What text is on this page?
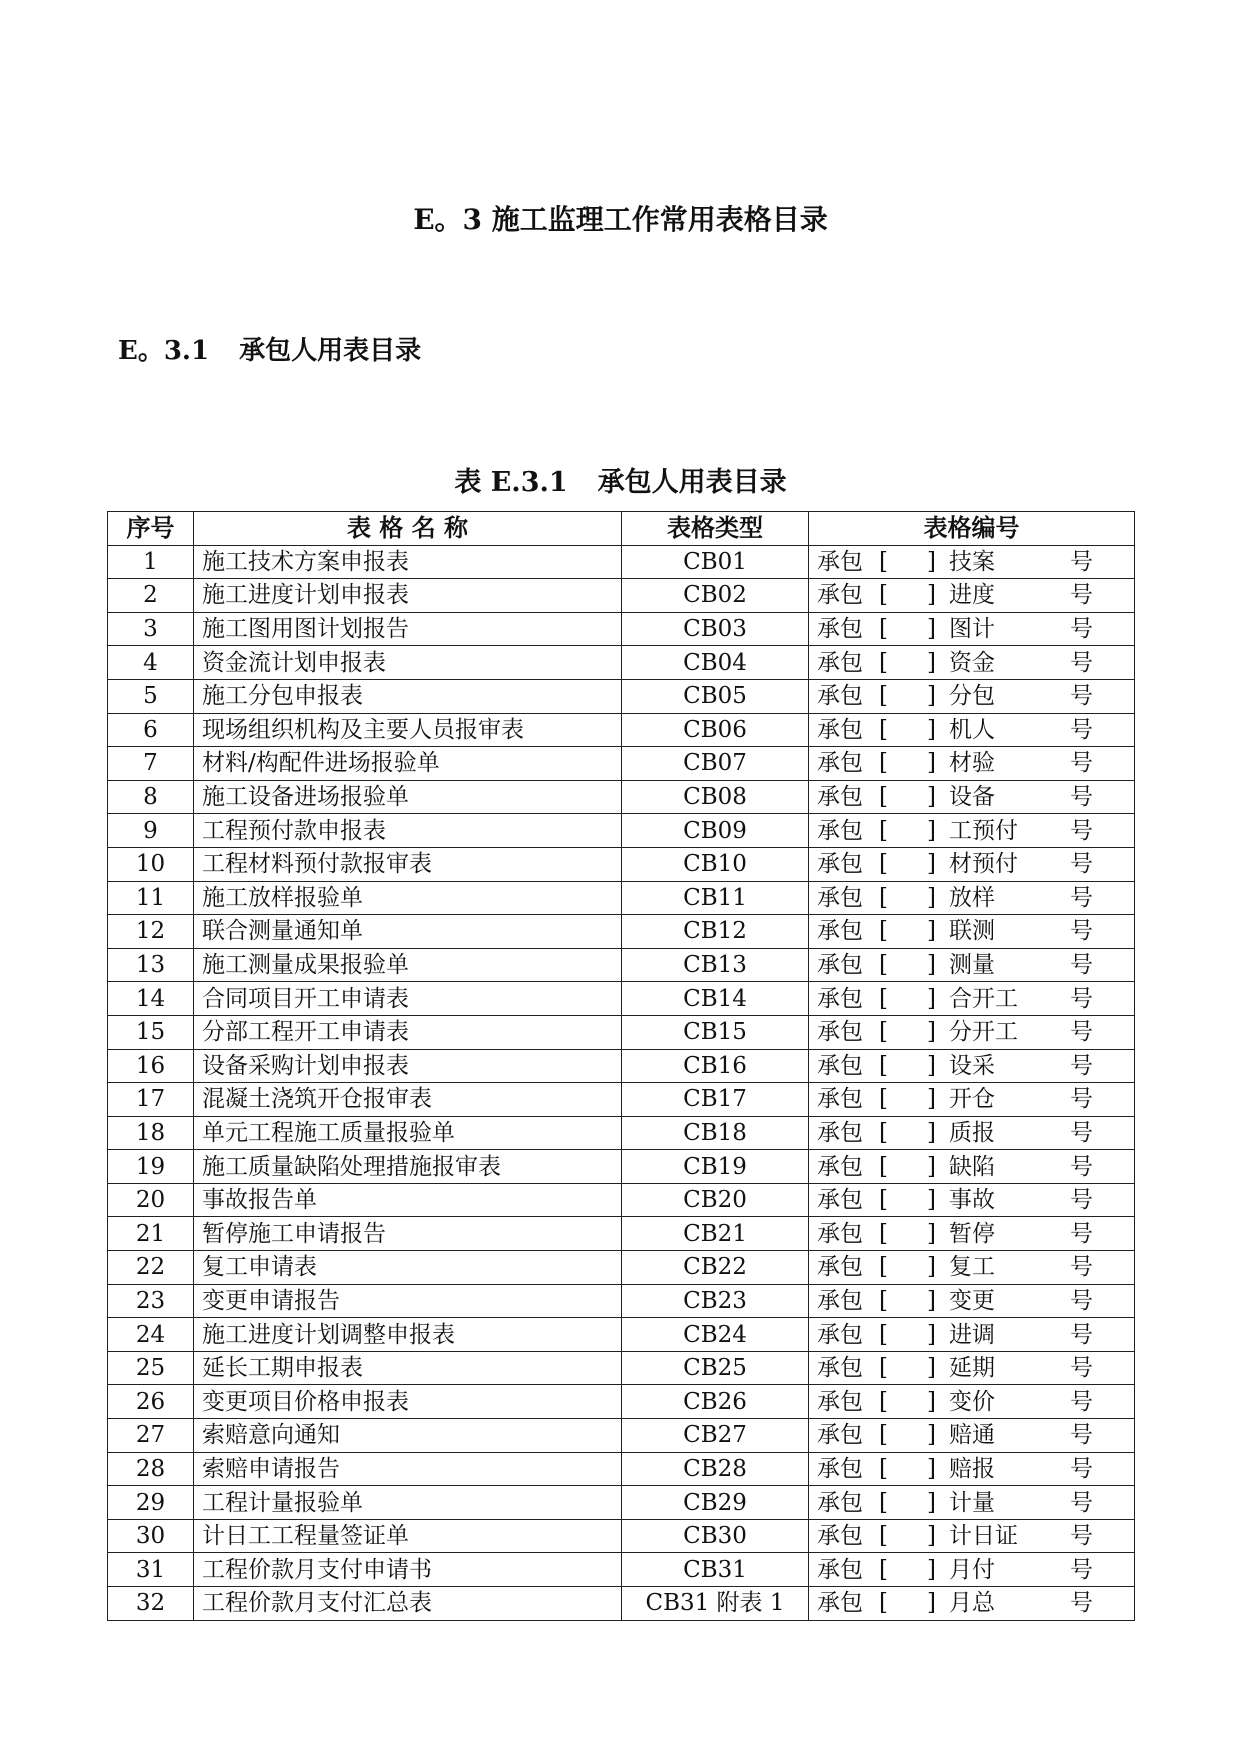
E。3 施工监理工作常用表格目录
E。3.1 承包人用表目录
表 E.3.1 承包人用表目录
序号	表 格 名 称	表格类型	表格编号
1	施工技术方案申报表	CB01	承包 [ ] 技案 号
2	施工进度计划申报表	CB02	承包 [ ] 进度 号
3	施工图用图计划报告	CB03	承包 [ ] 图计 号
4	资金流计划申报表	CB04	承包 [ ] 资金 号
5	施工分包申报表	CB05	承包 [ ] 分包 号
6	现场组织机构及主要人员报审表	CB06	承包 [ ] 机人 号
7	材料/构配件进场报验单	CB07	承包 [ ] 材验 号
8	施工设备进场报验单	CB08	承包 [ ] 设备 号
9	工程预付款申报表	CB09	承包 [ ] 工预付 号
10	工程材料预付款报审表	CB10	承包 [ ] 材预付 号
11	施工放样报验单	CB11	承包 [ ] 放样 号
12	联合测量通知单	CB12	承包 [ ] 联测 号
13	施工测量成果报验单	CB13	承包 [ ] 测量 号
14	合同项目开工申请表	CB14	承包 [ ] 合开工 号
15	分部工程开工申请表	CB15	承包 [ ] 分开工 号
16	设备采购计划申报表	CB16	承包 [ ] 设采 号
17	混凝土浇筑开仓报审表	CB17	承包 [ ] 开仓 号
18	单元工程施工质量报验单	CB18	承包 [ ] 质报 号
19	施工质量缺陷处理措施报审表	CB19	承包 [ ] 缺陷 号
20	事故报告单	CB20	承包 [ ] 事故 号
21	暂停施工申请报告	CB21	承包 [ ] 暂停 号
22	复工申请表	CB22	承包 [ ] 复工 号
23	变更申请报告	CB23	承包 [ ] 变更 号
24	施工进度计划调整申报表	CB24	承包 [ ] 进调 号
25	延长工期申报表	CB25	承包 [ ] 延期 号
26	变更项目价格申报表	CB26	承包 [ ] 变价 号
27	索赔意向通知	CB27	承包 [ ] 赔通 号
28	索赔申请报告	CB28	承包 [ ] 赔报 号
29	工程计量报验单	CB29	承包 [ ] 计量 号
30	计日工工程量签证单	CB30	承包 [ ] 计日证 号
31	工程价款月支付申请书	CB31	承包 [ ] 月付 号
32	工程价款月支付汇总表	CB31 附表 1	承包 [ ] 月总 号
